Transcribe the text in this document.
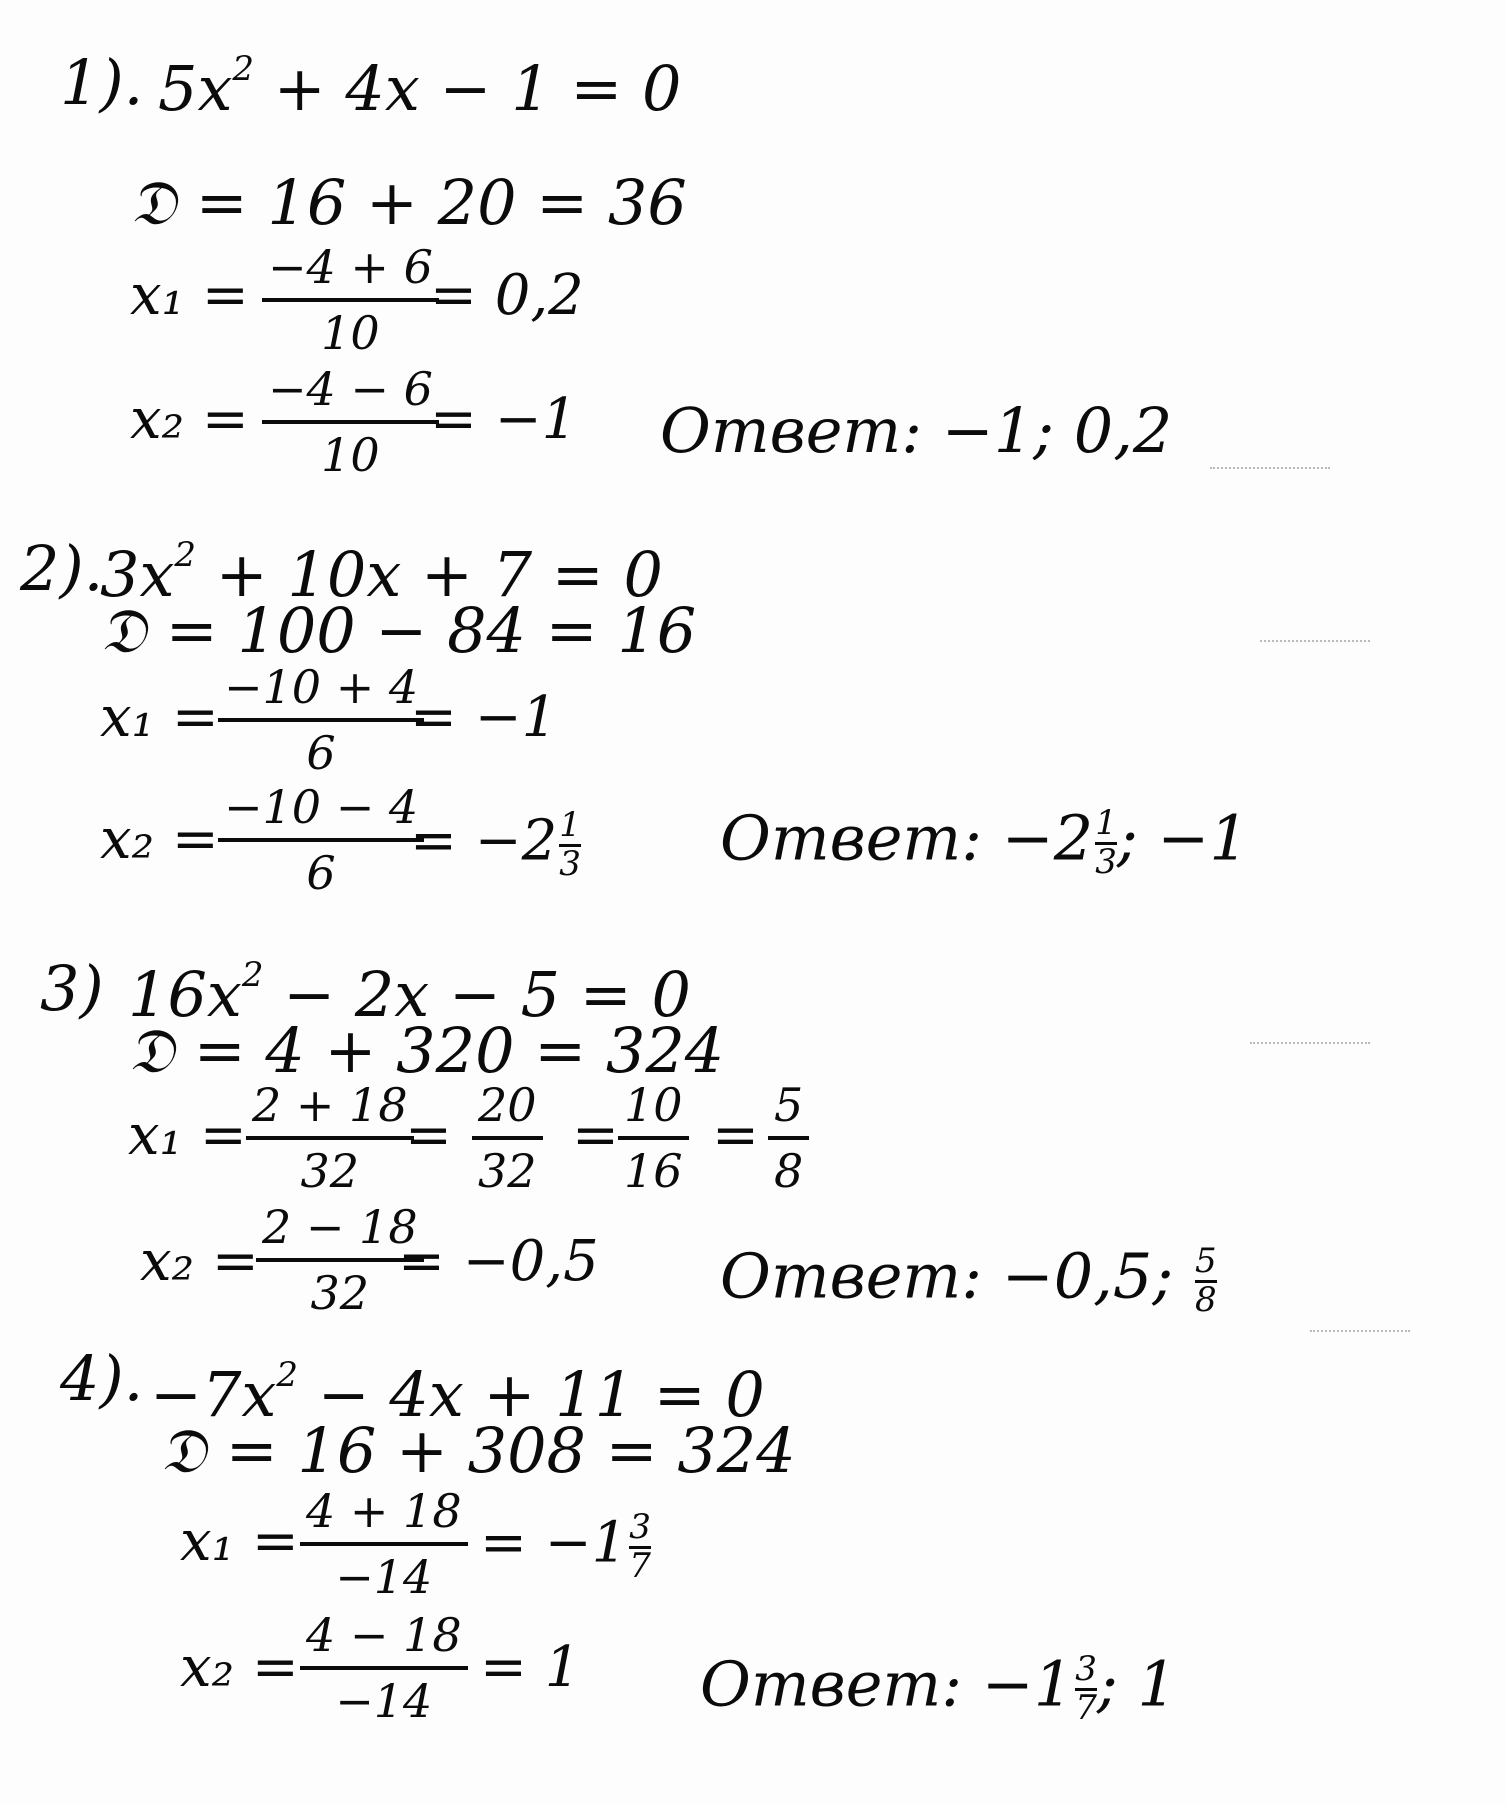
1). $5x^2 + 4x - 1 = 0$
𝔇 = 16 + 20 = 36
x₁ = −4 + 6
10
= 0,2
x₂ = −4 − 6
10
= −1 Ответ: −1; 0,2
2).
$3x^2 + 10x + 7 = 0$
𝔇 = 100 − 84 = 16
x₁ = −10 + 4
6
= −1
x₂ = −10 − 4
$6 = -2 \frac{1}{3}$ Ответ: $-2 \frac{1}{3}$ ; −1
3) $16x^2 - 2x - 5 = 0$
𝔇 = 4 + 320 = 324
x₁ = 2 + 18
32
= 20
32
= 10
16
= 5
8
x₂ =
2 − 18
32 = −0,5 Ответ: −0,5; $\frac{5}{8}$
4). $-7x^2 - 4x + 11 = 0$
𝔇 = 16 + 308 = 324
x₁ = 4 + 18
−14
= $-1 \frac{3}{7}$
x₂ = 4 − 18
−14
= 1 Ответ: $-1 \frac{3}{7}$ ; 1
